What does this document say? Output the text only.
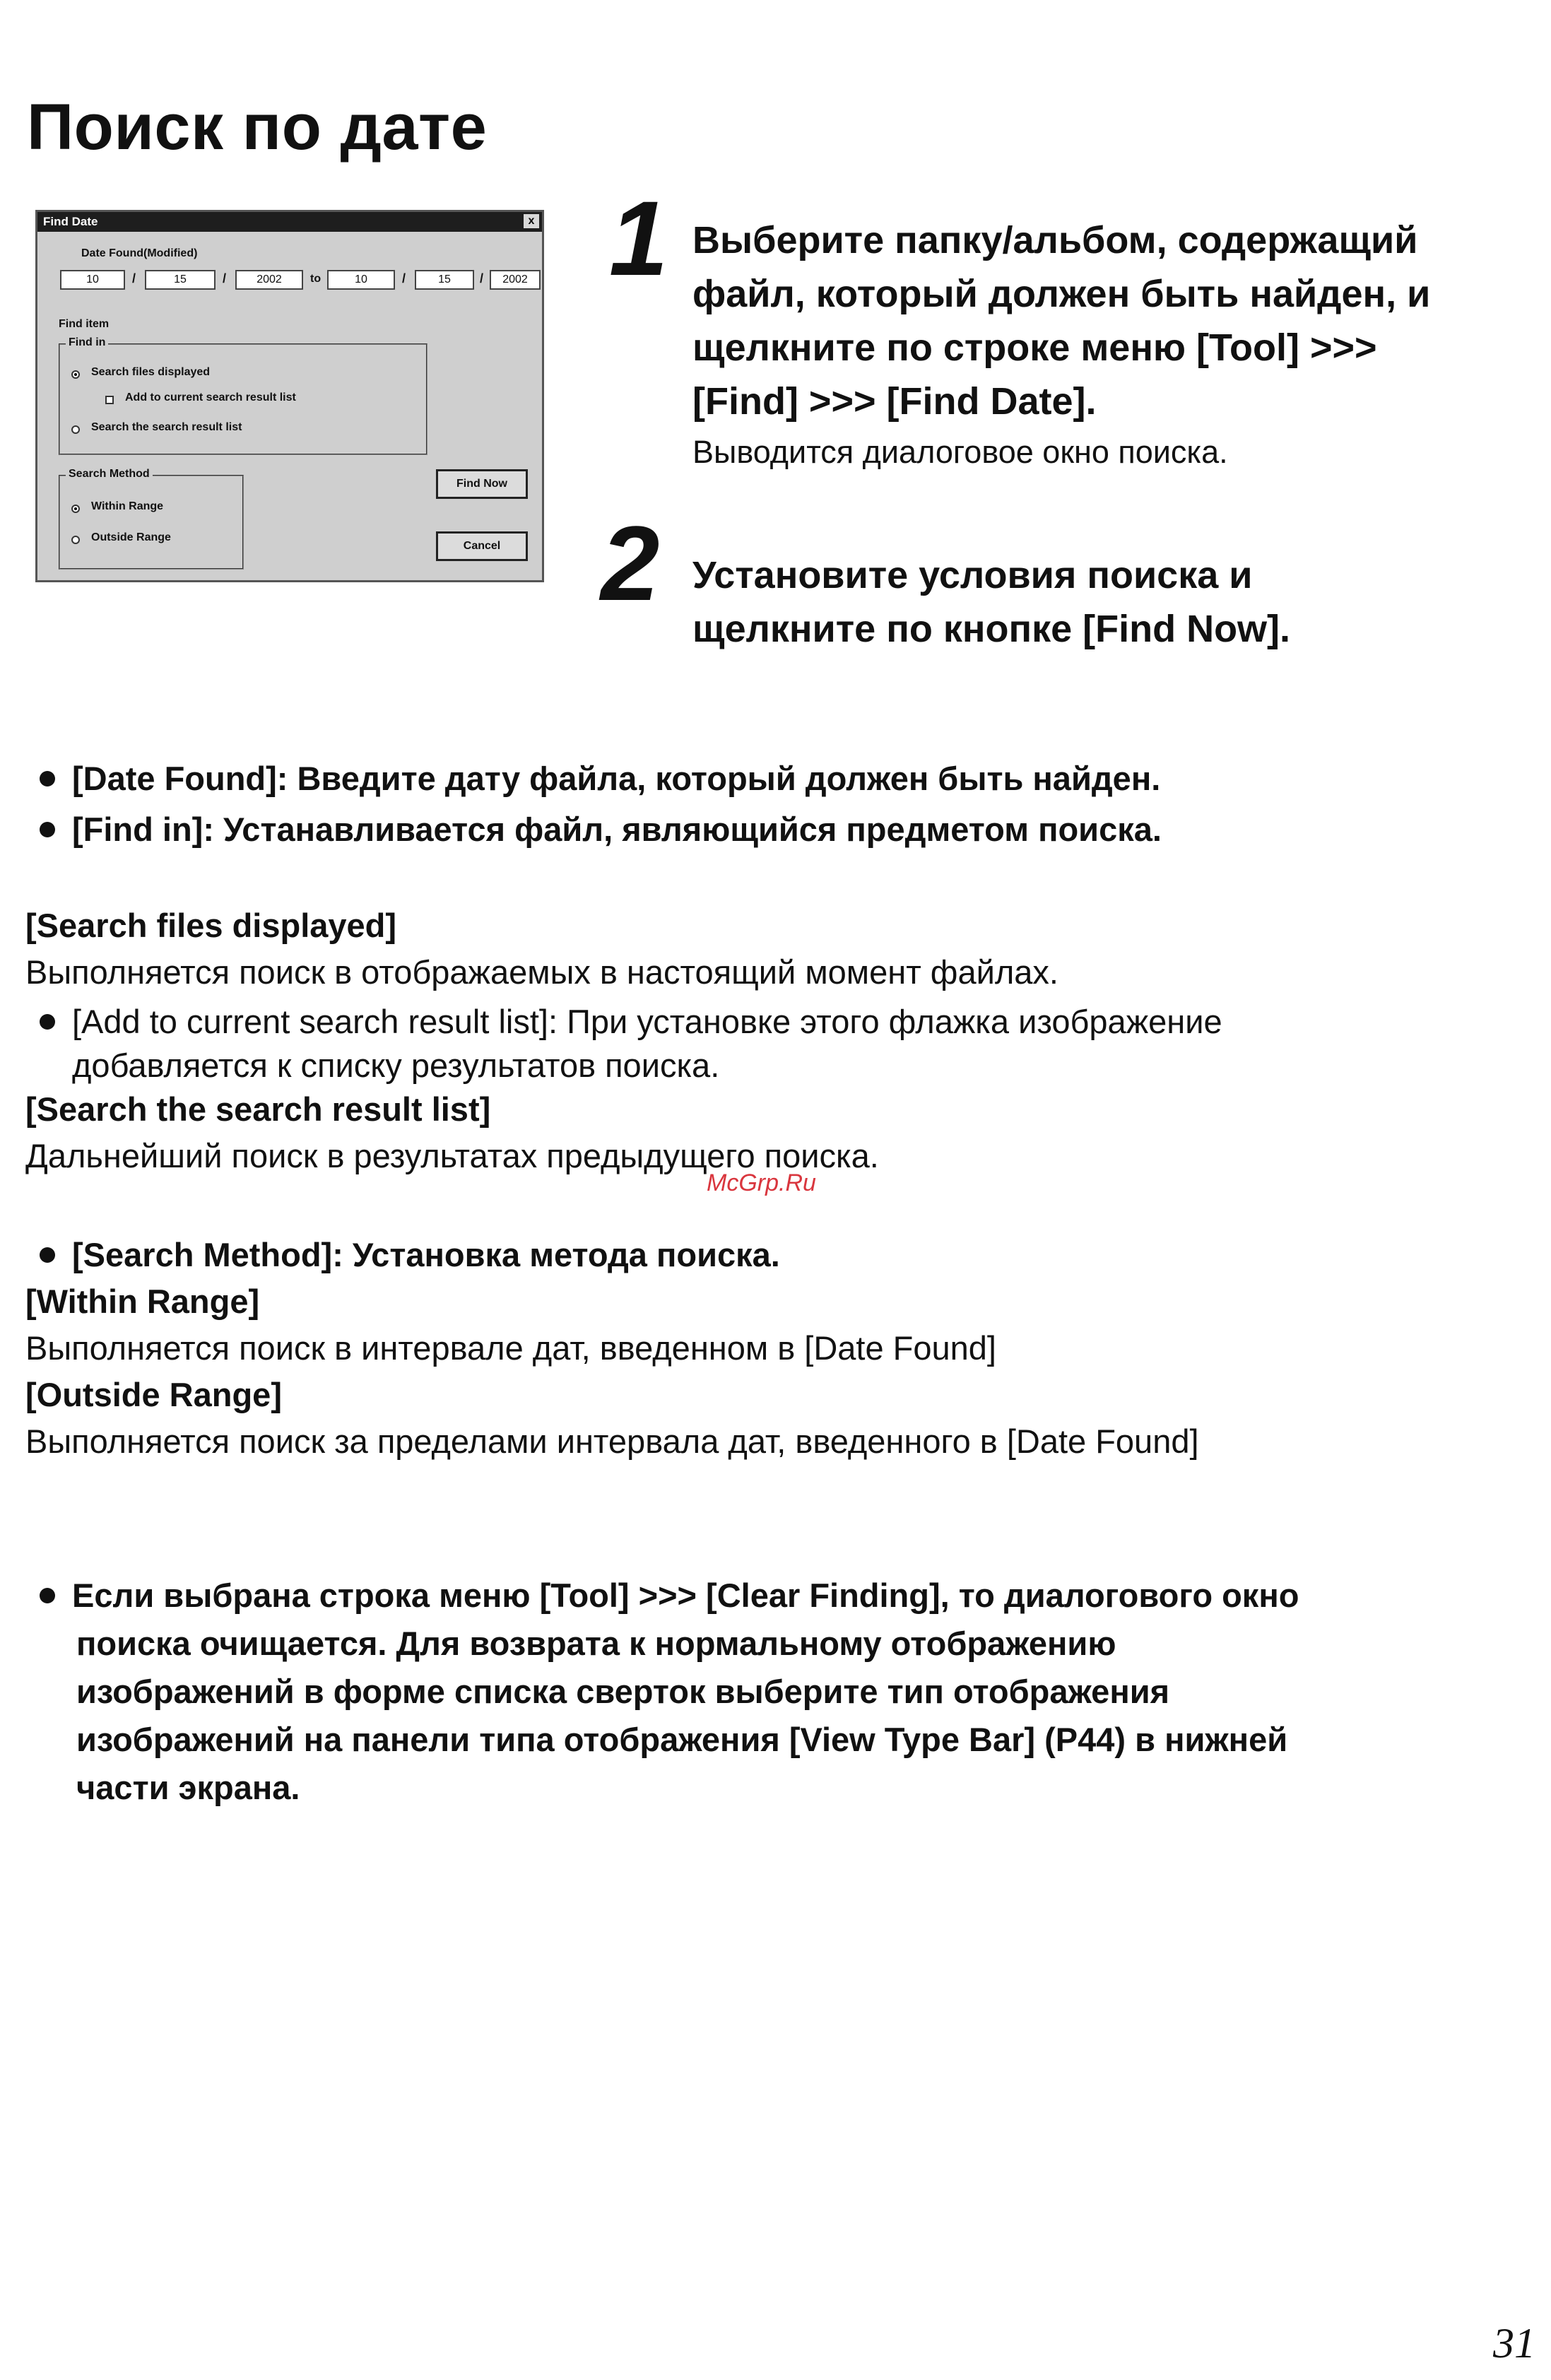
Поиск по дате
Find Date	x
Date Found(Modified)
10	/	15	/	2002	to	10	/	15	/	2002
Find item
Find in
Search files displayed
Add to current search result list
Search the search result list
Search Method
Within Range
Outside Range
Find Now
Cancel
1 Выберите папку/альбом, содержащий
файл, который должен быть найден, и
щелкните по строке меню [Tool] >>>
[Find] >>> [Find Date].
Выводится диалоговое окно поиска.
2 Установите условия поиска и
щелкните по кнопке [Find Now].
[Date Found]: Введите дату файла, который должен быть найден.
[Find in]: Устанавливается файл, являющийся предметом поиска.
[Search files displayed]
Выполняется поиск в отображаемых в настоящий момент файлах.
[Add to current search result list]: При установке этого флажка изображение
добавляется к списку результатов поиска.
[Search the search result list]
Дальнейший поиск в результатах предыдущего поиска.
McGrp.Ru
[Search Method]: Установка метода поиска.
[Within Range]
Выполняется поиск в интервале дат, введенном в [Date Found]
[Outside Range]
Выполняется поиск за пределами интервала дат, введенного в [Date Found]
Если выбрана строка меню [Tool] >>> [Clear Finding], то диалогового окно
поиска очищается. Для возврата к нормальному отображению
изображений в форме списка сверток выберите тип отображения
изображений на панели типа отображения [View Type Bar] (P44) в нижней
части экрана.
31
